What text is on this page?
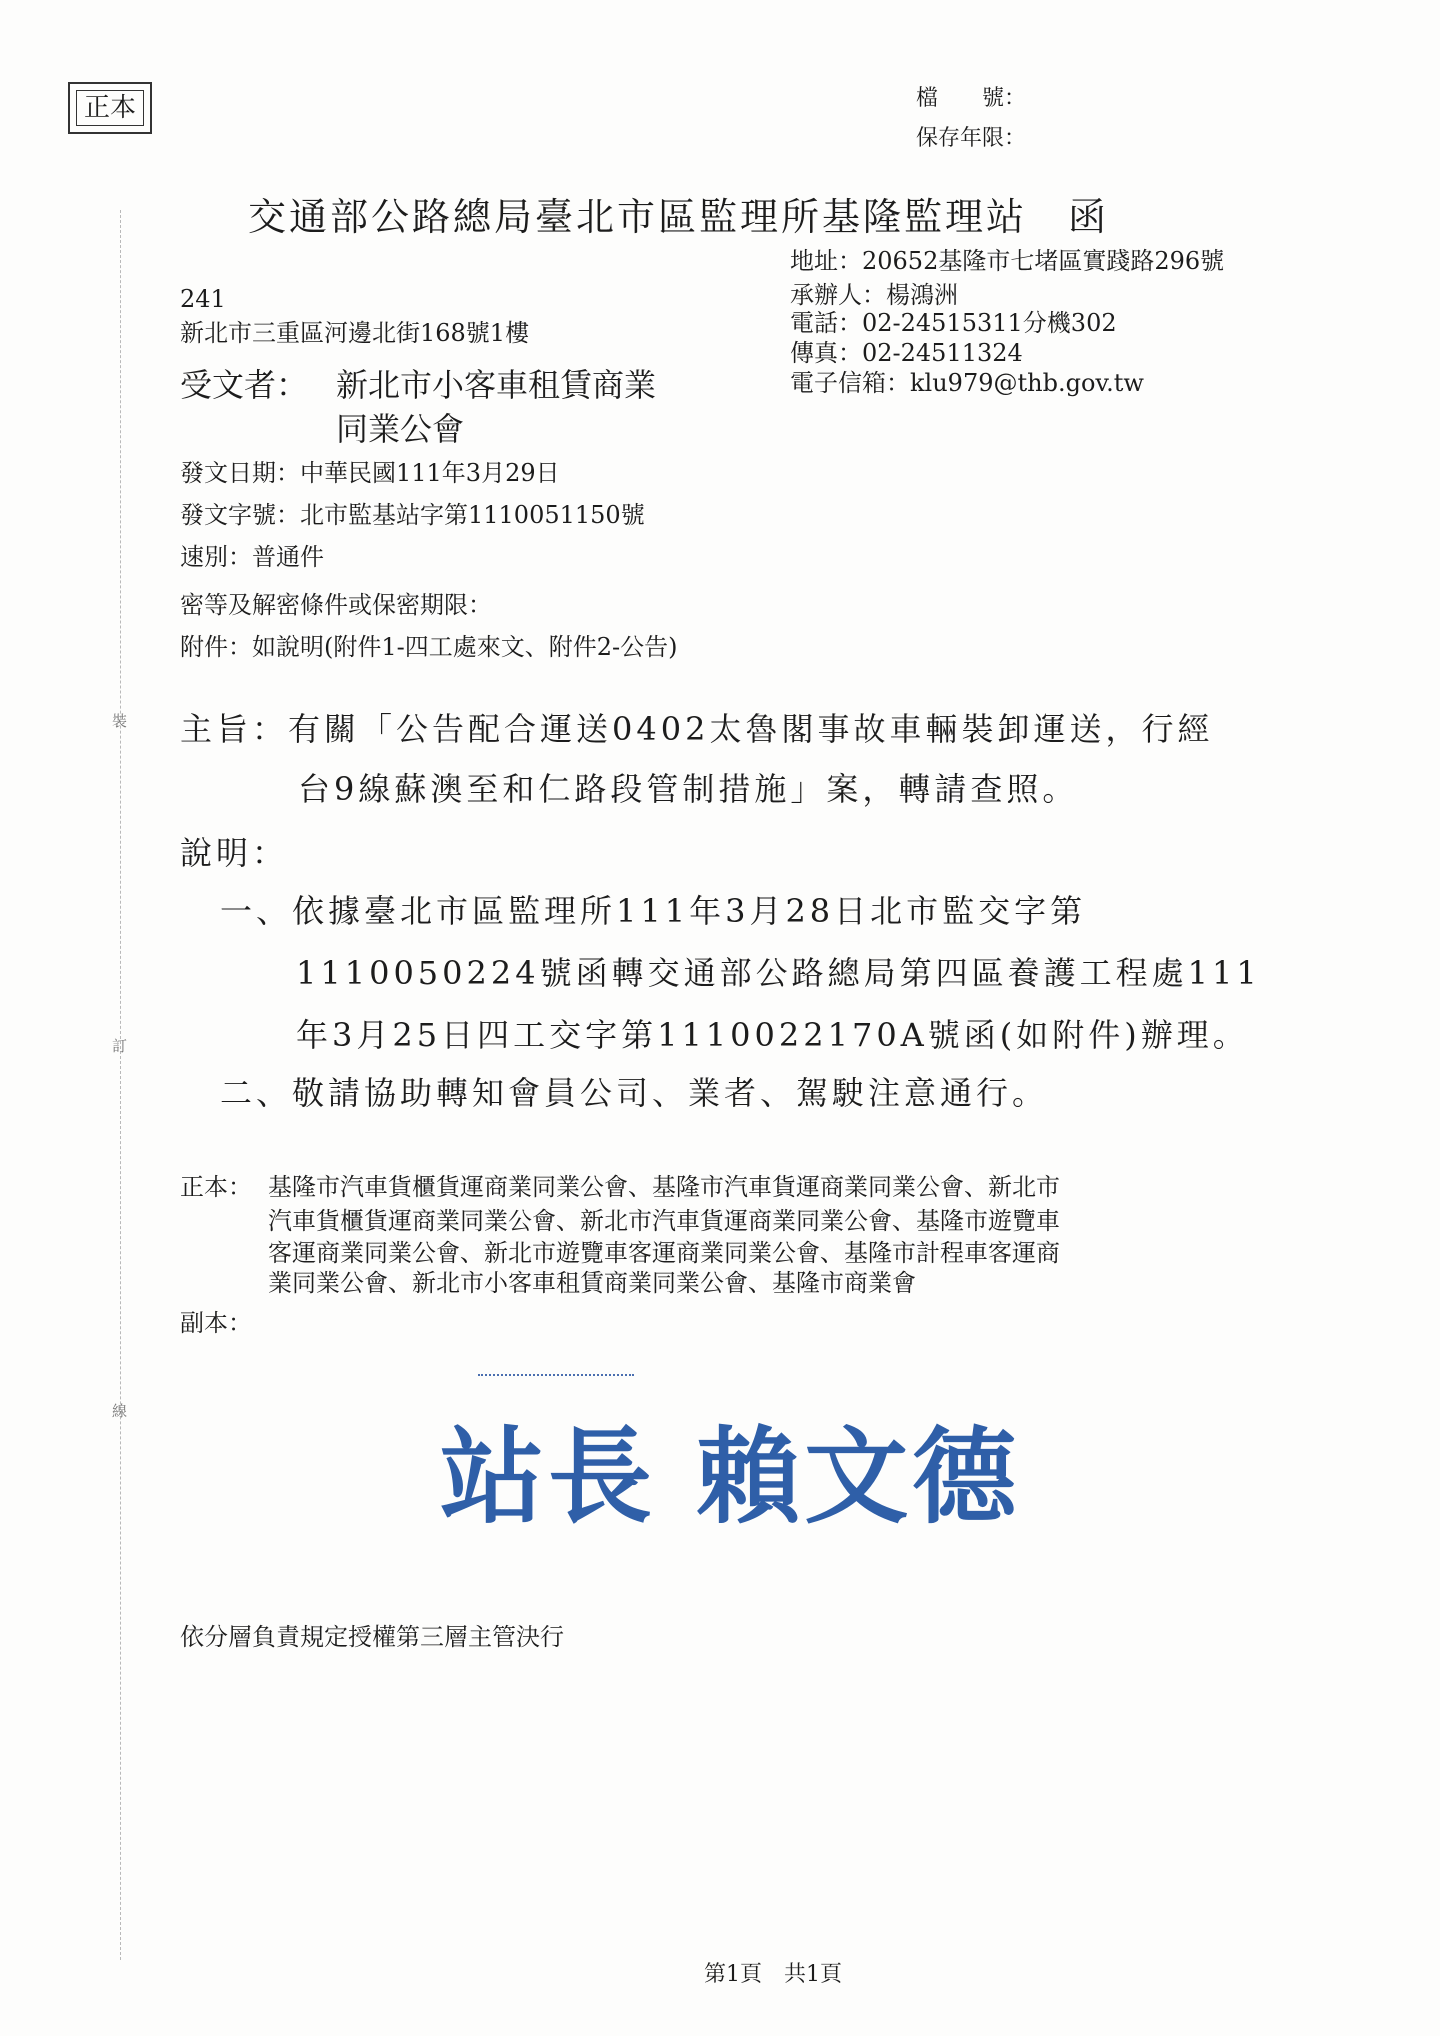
裝
訂
線
正本	檔　　號：
保存年限：
交通部公路總局臺北市區監理所基隆監理站　函
地址：20652基隆市七堵區實踐路296號
承辦人：楊鴻洲
電話：02-24515311分機302
傳真：02-24511324
電子信箱：klu979@thb.gov.tw
241
新北市三重區河邊北街168號1樓
受文者： 新北市小客車租賃商業
同業公會
發文日期：中華民國111年3月29日
發文字號：北市監基站字第1110051150號
速別：普通件
密等及解密條件或保密期限：
附件：如說明(附件1-四工處來文、附件2-公告)
主旨：有關「公告配合運送0402太魯閣事故車輛裝卸運送，行經
台9線蘇澳至和仁路段管制措施」案，轉請查照。
說明：
一、依據臺北市區監理所111年3月28日北市監交字第
1110050224號函轉交通部公路總局第四區養護工程處111
年3月25日四工交字第1110022170A號函(如附件)辦理。
二、敬請協助轉知會員公司、業者、駕駛注意通行。
正本： 基隆市汽車貨櫃貨運商業同業公會、基隆市汽車貨運商業同業公會、新北市
汽車貨櫃貨運商業同業公會、新北市汽車貨運商業同業公會、基隆市遊覽車
客運商業同業公會、新北市遊覽車客運商業同業公會、基隆市計程車客運商
業同業公會、新北市小客車租賃商業同業公會、基隆市商業會
副本：
站長 賴文德
依分層負責規定授權第三層主管決行
第1頁　共1頁
